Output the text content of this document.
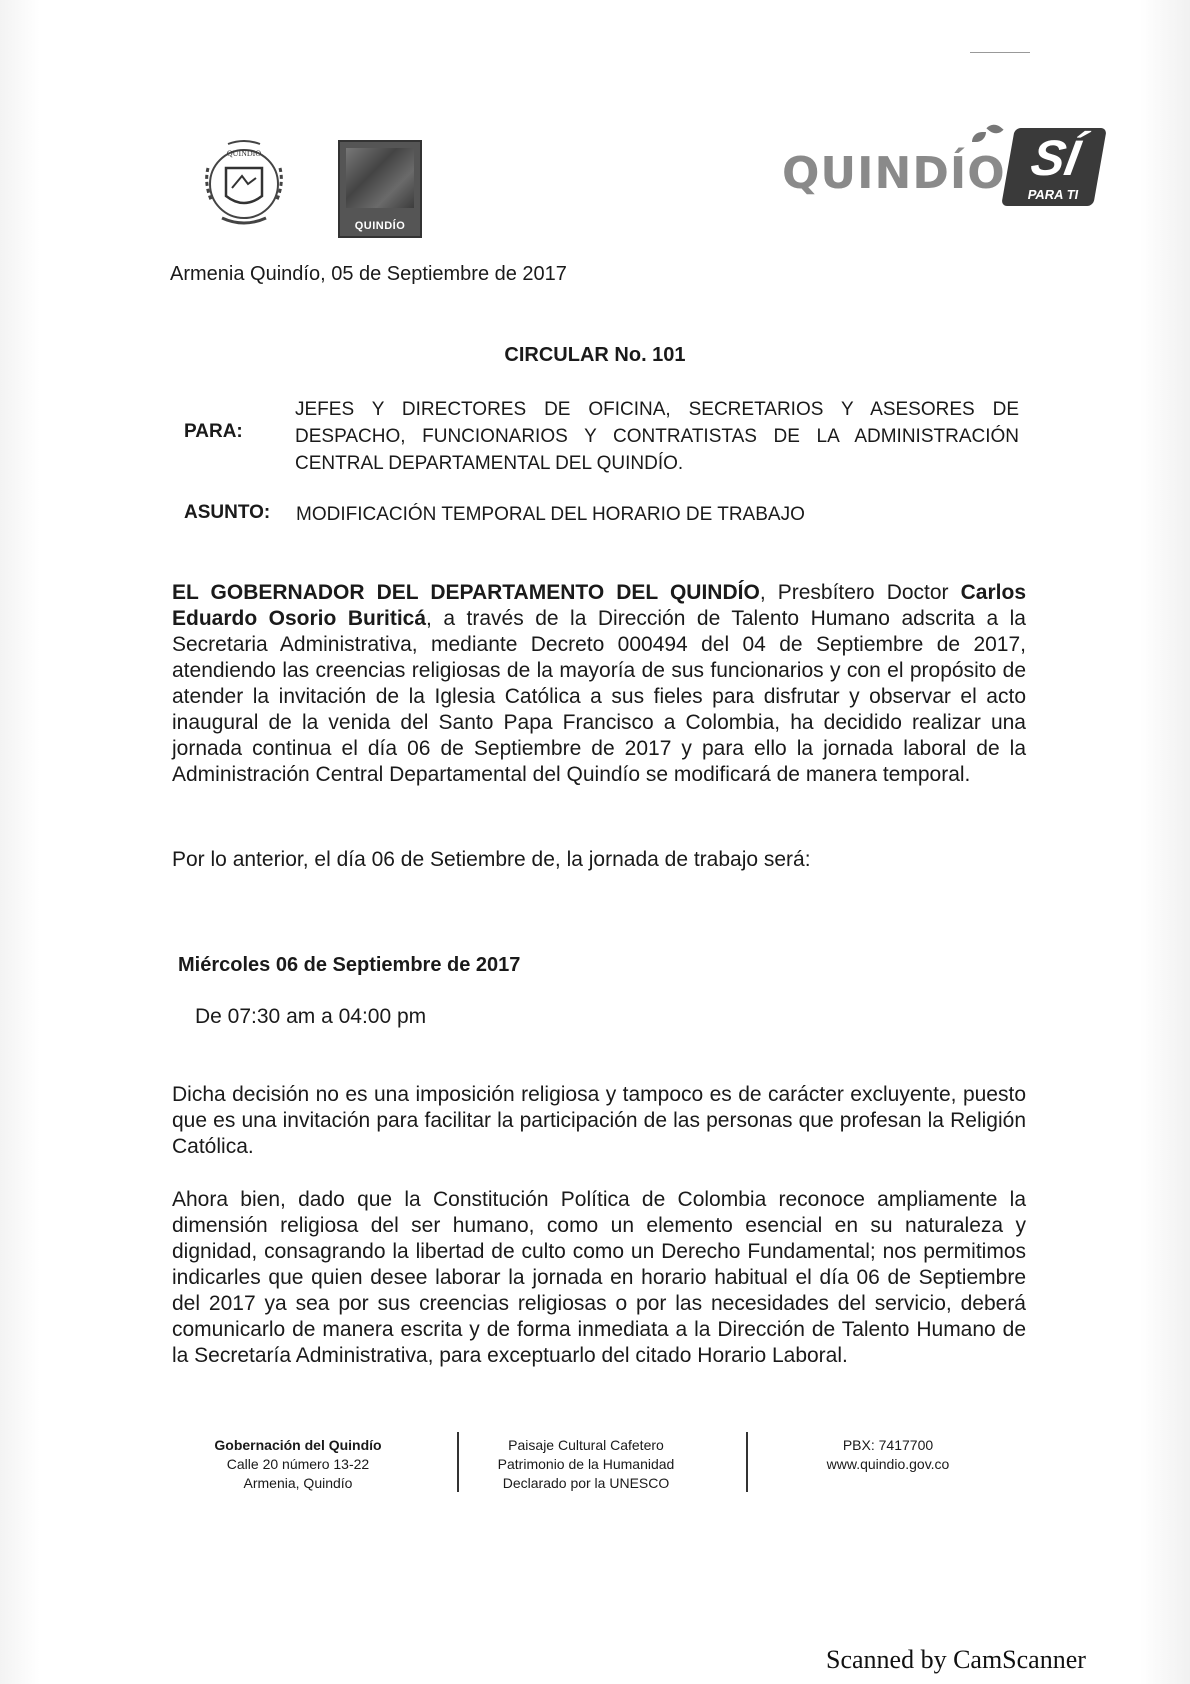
QUINDIO
QUINDÍO
QUINDÍO SÍ
PARA TI
Armenia Quindío, 05 de Septiembre de 2017
CIRCULAR No. 101
PARA:
JEFES Y DIRECTORES DE OFICINA, SECRETARIOS Y ASESORES DE DESPACHO, FUNCIONARIOS Y CONTRATISTAS DE LA ADMINISTRACIÓN CENTRAL DEPARTAMENTAL DEL QUINDÍO.
ASUNTO: MODIFICACIÓN TEMPORAL DEL HORARIO DE TRABAJO
EL GOBERNADOR DEL DEPARTAMENTO DEL QUINDÍO, Presbítero Doctor Carlos Eduardo Osorio Buriticá, a través de la Dirección de Talento Humano adscrita a la Secretaria Administrativa, mediante Decreto 000494 del 04 de Septiembre de 2017, atendiendo las creencias religiosas de la mayoría de sus funcionarios y con el propósito de atender la invitación de la Iglesia Católica a sus fieles para disfrutar y observar el acto inaugural de la venida del Santo Papa Francisco a Colombia, ha decidido realizar una jornada continua el día 06 de Septiembre de 2017 y para ello la jornada laboral de la Administración Central Departamental del Quindío se modificará de manera temporal.
Por lo anterior, el día 06 de Setiembre de, la jornada de trabajo será:
Miércoles 06 de Septiembre de 2017
De 07:30 am a 04:00 pm
Dicha decisión no es una imposición religiosa y tampoco es de carácter excluyente, puesto que es una invitación para facilitar la participación de las personas que profesan la Religión Católica.
Ahora bien, dado que la Constitución Política de Colombia reconoce ampliamente la dimensión religiosa del ser humano, como un elemento esencial en su naturaleza y dignidad, consagrando la libertad de culto como un Derecho Fundamental; nos permitimos indicarles que quien desee laborar la jornada en horario habitual el día 06 de Septiembre del 2017 ya sea por sus creencias religiosas o por las necesidades del servicio, deberá comunicarlo de manera escrita y de forma inmediata a la Dirección de Talento Humano de la Secretaría Administrativa, para exceptuarlo del citado Horario Laboral.
Gobernación del Quindío
Calle 20 número 13-22
Armenia, Quindío
Paisaje Cultural Cafetero
Patrimonio de la Humanidad
Declarado por la UNESCO
PBX: 7417700
www.quindio.gov.co
Scanned by CamScanner
